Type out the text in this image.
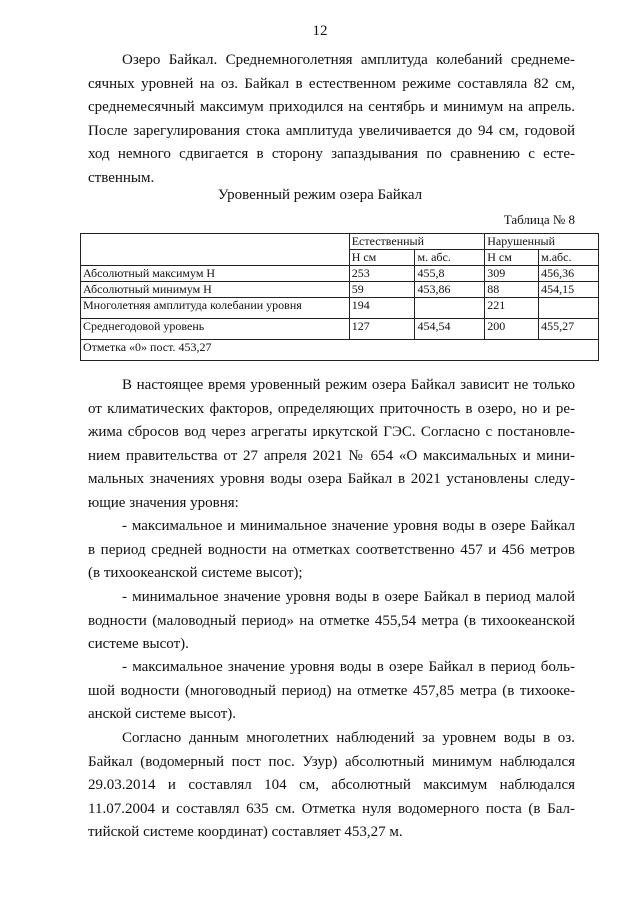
12
Озеро Байкал. Среднемноголетняя амплитуда колебаний среднеме-
сячных уровней на оз. Байкал в естественном режиме составляла 82 см,
среднемесячный максимум приходился на сентябрь и минимум на апрель.
После зарегулирования стока амплитуда увеличивается до 94 см, годовой
ход немного сдвигается в сторону запаздывания по сравнению с есте-
ственным.
Уровенный режим озера Байкал
Таблица № 8
	Естественный		Нарушенный	
	Н см	м. абс.	Н см	м.абс.
Абсолютный максимум Н	253	455,8	309	456,36
Абсолютный минимум Н	59	453,86	88	454,15
Многолетняя амплитуда колебании уровня	194		221	
Среднегодовой уровень	127	454,54	200	455,27
Отметка «0» пост. 453,27				
В настоящее время уровенный режим озера Байкал зависит не только
от климатических факторов, определяющих приточность в озеро, но и ре-
жима сбросов вод через агрегаты иркутской ГЭС. Согласно с постановле-
нием правительства от 27 апреля 2021 № 654 «О максимальных и мини-
мальных значениях уровня воды озера Байкал в 2021 установлены следу-
ющие значения уровня:
- максимальное и минимальное значение уровня воды в озере Байкал
в период средней водности на отметках соответственно 457 и 456 метров
(в тихоокеанской системе высот);
- минимальное значение уровня воды в озере Байкал в период малой
водности (маловодный период» на отметке 455,54 метра (в тихоокеанской
системе высот).
- максимальное значение уровня воды в озере Байкал в период боль-
шой водности (многоводный период) на отметке 457,85 метра (в тихооке-
анской системе высот).
Согласно данным многолетних наблюдений за уровнем воды в оз.
Байкал (водомерный пост пос. Узур) абсолютный минимум наблюдался
29.03.2014 и составлял 104 см, абсолютный максимум наблюдался
11.07.2004 и составлял 635 см. Отметка нуля водомерного поста (в Бал-
тийской системе координат) составляет 453,27 м.
